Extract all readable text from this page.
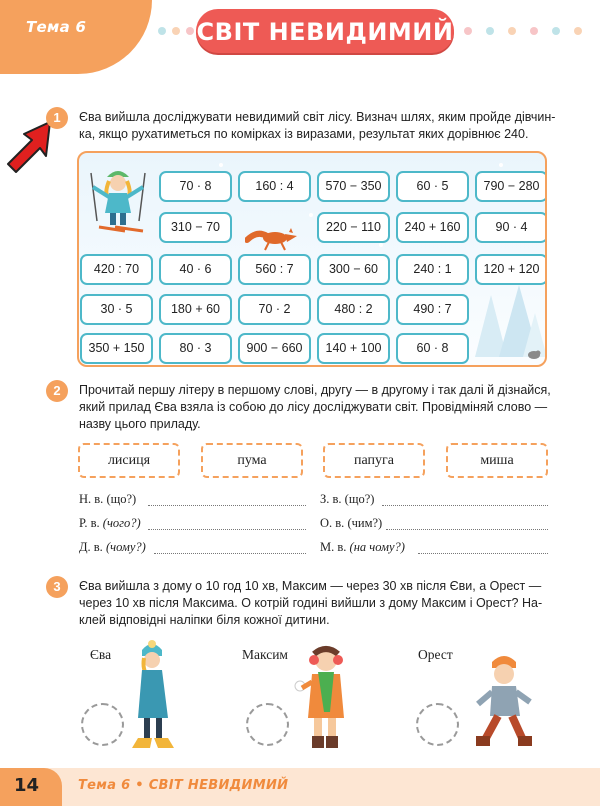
Тема 6	СВІТ НЕВИДИМИЙ
1	Єва вийшла досліджувати невидимий світ лісу. Визнач шлях, яким пройде дівчин-
ка, якщо рухатиметься по комірках із виразами, результат яких дорівнює 240.
70 · 8	160 : 4	570 − 350	60 · 5	790 − 280
310 − 70	220 − 110	240 + 160	90 · 4
420 : 70	40 · 6	560 : 7	300 − 60	240 : 1	120 + 120
30 · 5	180 + 60	70 · 2	480 : 2	490 : 7
350 + 150	80 · 3	900 − 660	140 + 100	60 · 8
2	Прочитай першу літеру в першому слові, другу — в другому і так далі й дізнайся,
який прилад Єва взяла із собою до лісу досліджувати світ. Провідміняй слово —
назву цього приладу.
лисиця	пума	папуга	миша
Н. в. (що?)
Р. в. (чого?)
Д. в. (чому?)
З. в. (що?)
О. в. (чим?)
М. в. (на чому?)
3	Єва вийшла з дому о 10 год 10 хв, Максим — через 30 хв після Єви, а Орест —
через 10 хв після Максима. О котрій годині вийшли з дому Максим і Орест? На-
клей відповідні наліпки біля кожної дитини.
Єва	Максим	Орест
14	Тема 6 • СВІТ НЕВИДИМИЙ
